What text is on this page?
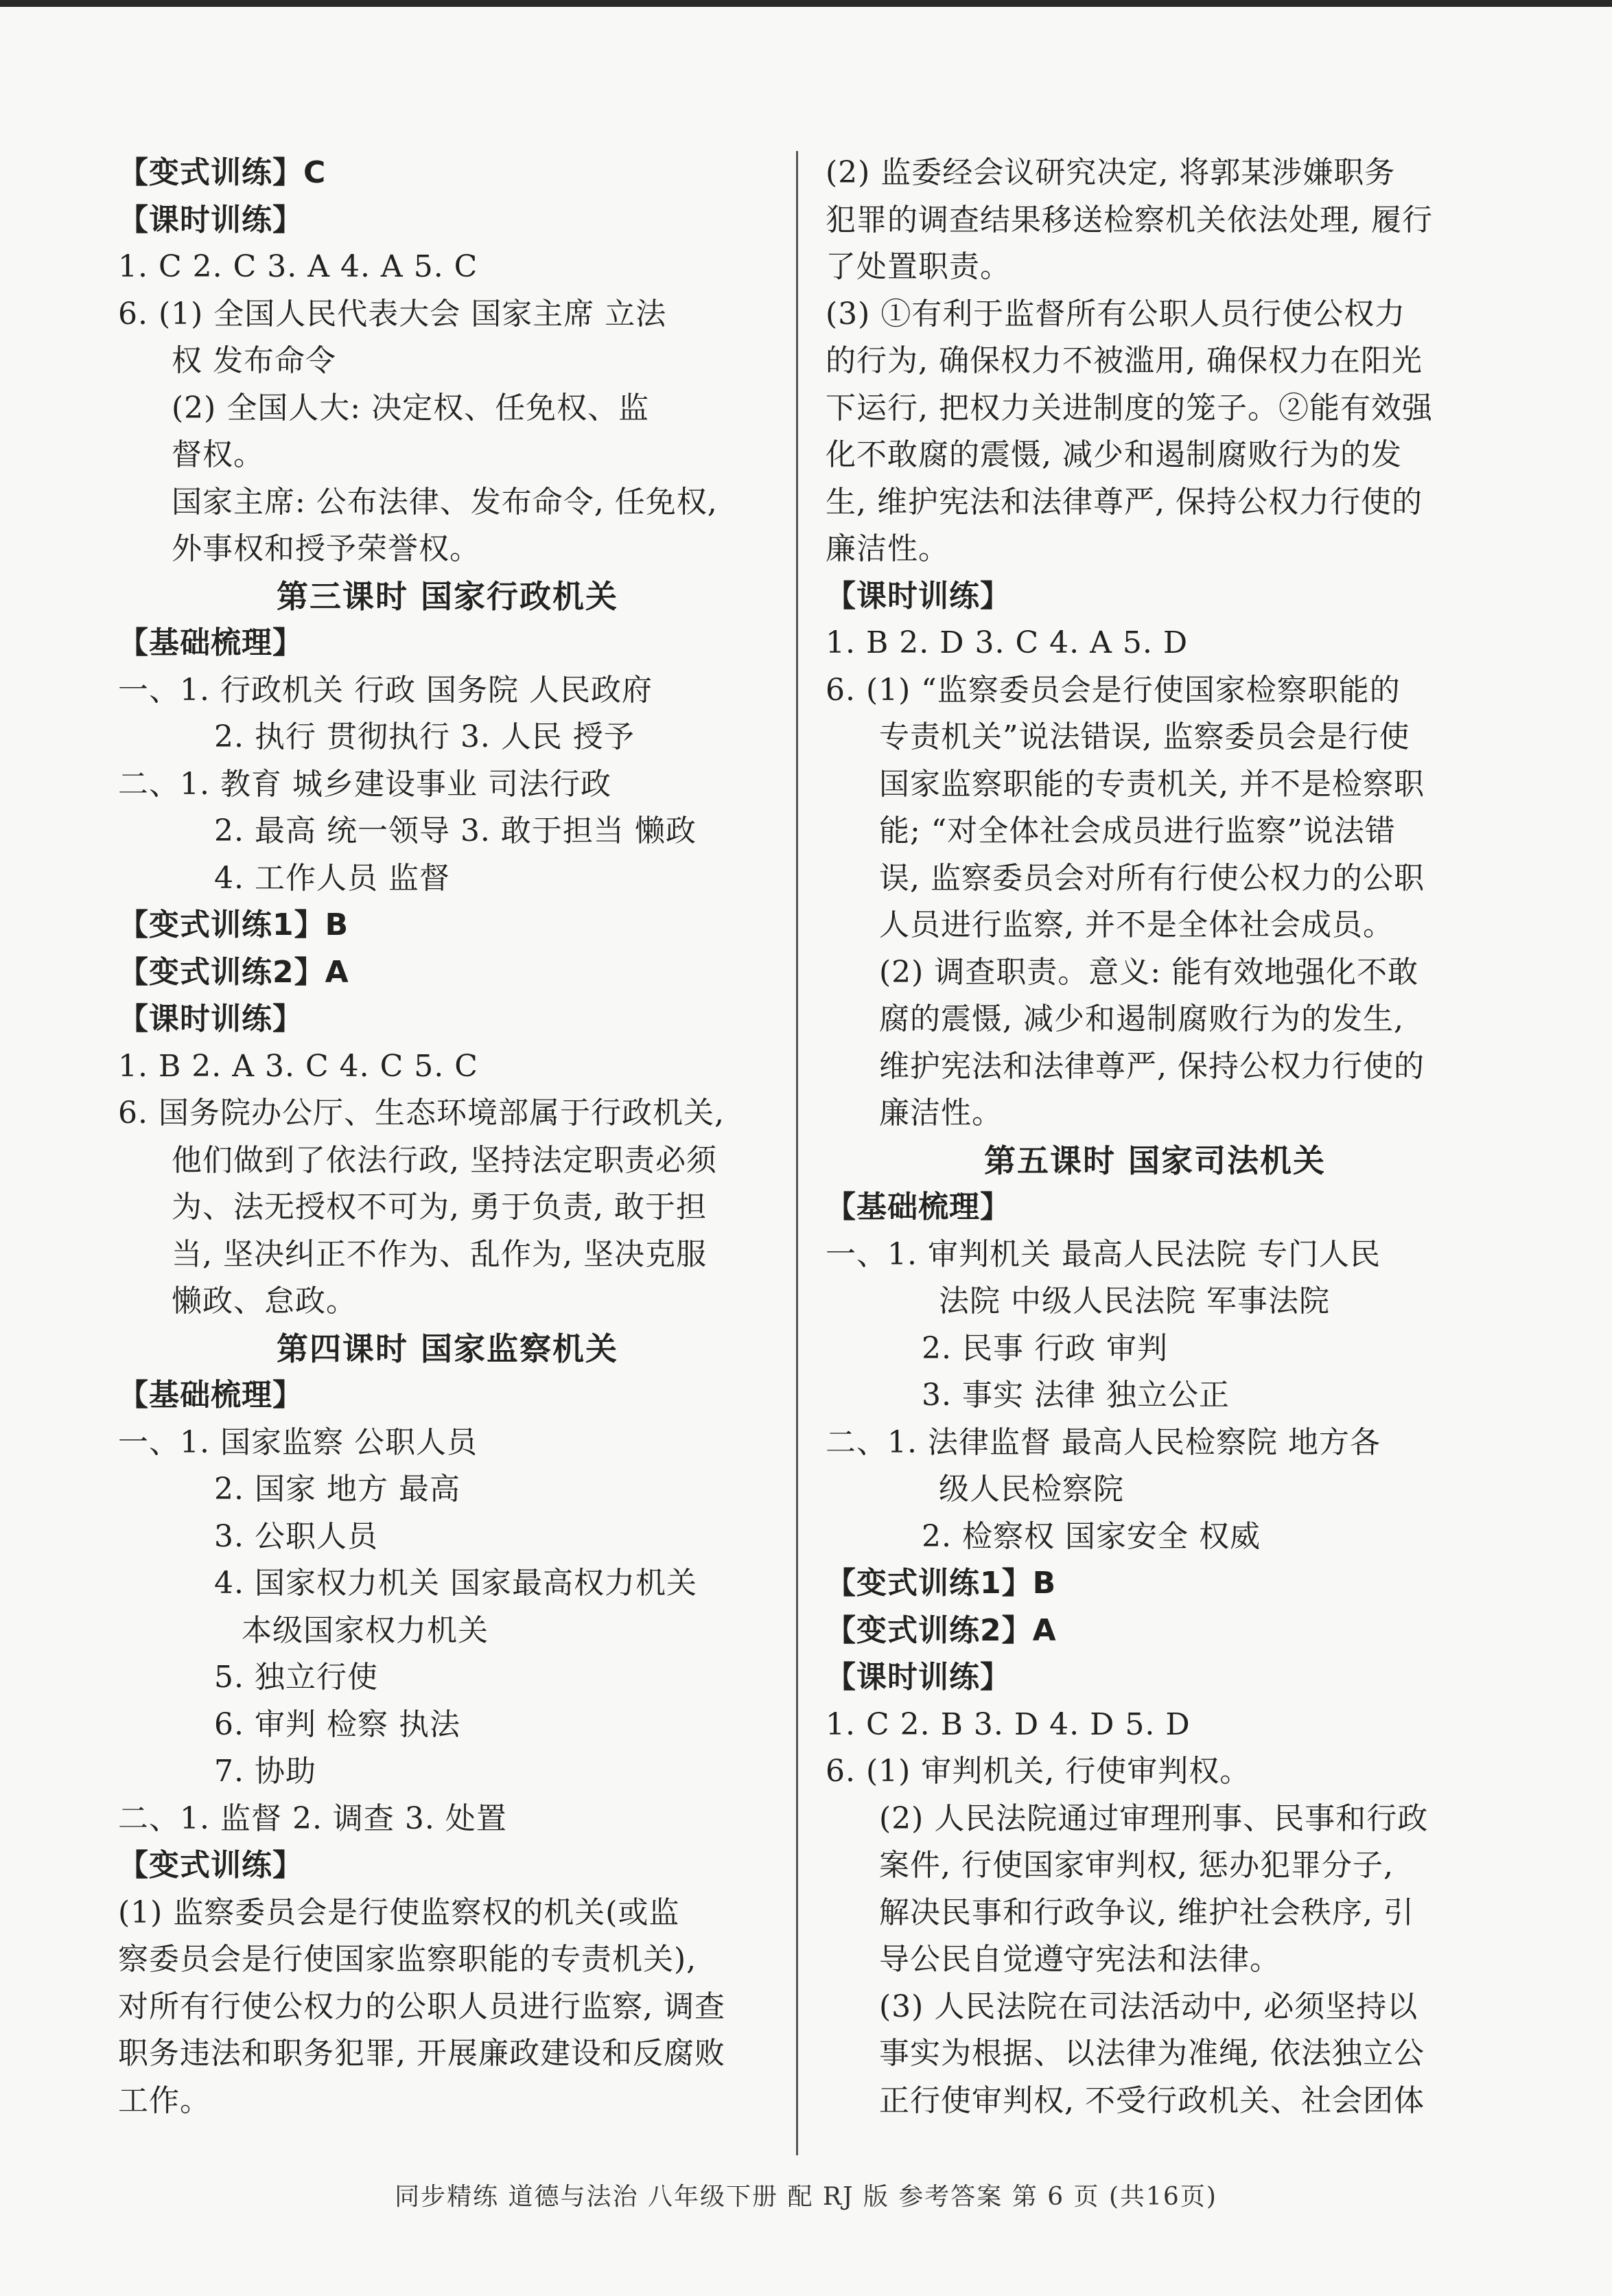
【变式训练】C
【课时训练】
1. C 2. C 3. A 4. A 5. C
6. (1) 全国人民代表大会 国家主席 立法
权 发布命令
(2) 全国人大: 决定权、任免权、监
督权。
国家主席: 公布法律、发布命令, 任免权,
外事权和授予荣誉权。
第三课时 国家行政机关
【基础梳理】
一、1. 行政机关 行政 国务院 人民政府
2. 执行 贯彻执行 3. 人民 授予
二、1. 教育 城乡建设事业 司法行政
2. 最高 统一领导 3. 敢于担当 懒政
4. 工作人员 监督
【变式训练1】B
【变式训练2】A
【课时训练】
1. B 2. A 3. C 4. C 5. C
6. 国务院办公厅、生态环境部属于行政机关,
他们做到了依法行政, 坚持法定职责必须
为、法无授权不可为, 勇于负责, 敢于担
当, 坚决纠正不作为、乱作为, 坚决克服
懒政、怠政。
第四课时 国家监察机关
【基础梳理】
一、1. 国家监察 公职人员
2. 国家 地方 最高
3. 公职人员
4. 国家权力机关 国家最高权力机关
本级国家权力机关
5. 独立行使
6. 审判 检察 执法
7. 协助
二、1. 监督 2. 调查 3. 处置
【变式训练】
(1) 监察委员会是行使监察权的机关(或监
察委员会是行使国家监察职能的专责机关),
对所有行使公权力的公职人员进行监察, 调查
职务违法和职务犯罪, 开展廉政建设和反腐败
工作。
(2) 监委经会议研究决定, 将郭某涉嫌职务
犯罪的调查结果移送检察机关依法处理, 履行
了处置职责。
(3) ①有利于监督所有公职人员行使公权力
的行为, 确保权力不被滥用, 确保权力在阳光
下运行, 把权力关进制度的笼子。②能有效强
化不敢腐的震慑, 减少和遏制腐败行为的发
生, 维护宪法和法律尊严, 保持公权力行使的
廉洁性。
【课时训练】
1. B 2. D 3. C 4. A 5. D
6. (1) “监察委员会是行使国家检察职能的
专责机关”说法错误, 监察委员会是行使
国家监察职能的专责机关, 并不是检察职
能; “对全体社会成员进行监察”说法错
误, 监察委员会对所有行使公权力的公职
人员进行监察, 并不是全体社会成员。
(2) 调查职责。意义: 能有效地强化不敢
腐的震慑, 减少和遏制腐败行为的发生,
维护宪法和法律尊严, 保持公权力行使的
廉洁性。
第五课时 国家司法机关
【基础梳理】
一、1. 审判机关 最高人民法院 专门人民
法院 中级人民法院 军事法院
2. 民事 行政 审判
3. 事实 法律 独立公正
二、1. 法律监督 最高人民检察院 地方各
级人民检察院
2. 检察权 国家安全 权威
【变式训练1】B
【变式训练2】A
【课时训练】
1. C 2. B 3. D 4. D 5. D
6. (1) 审判机关, 行使审判权。
(2) 人民法院通过审理刑事、民事和行政
案件, 行使国家审判权, 惩办犯罪分子,
解决民事和行政争议, 维护社会秩序, 引
导公民自觉遵守宪法和法律。
(3) 人民法院在司法活动中, 必须坚持以
事实为根据、以法律为准绳, 依法独立公
正行使审判权, 不受行政机关、社会团体
同步精练 道德与法治 八年级下册 配 RJ 版 参考答案 第 6 页 (共16页)
